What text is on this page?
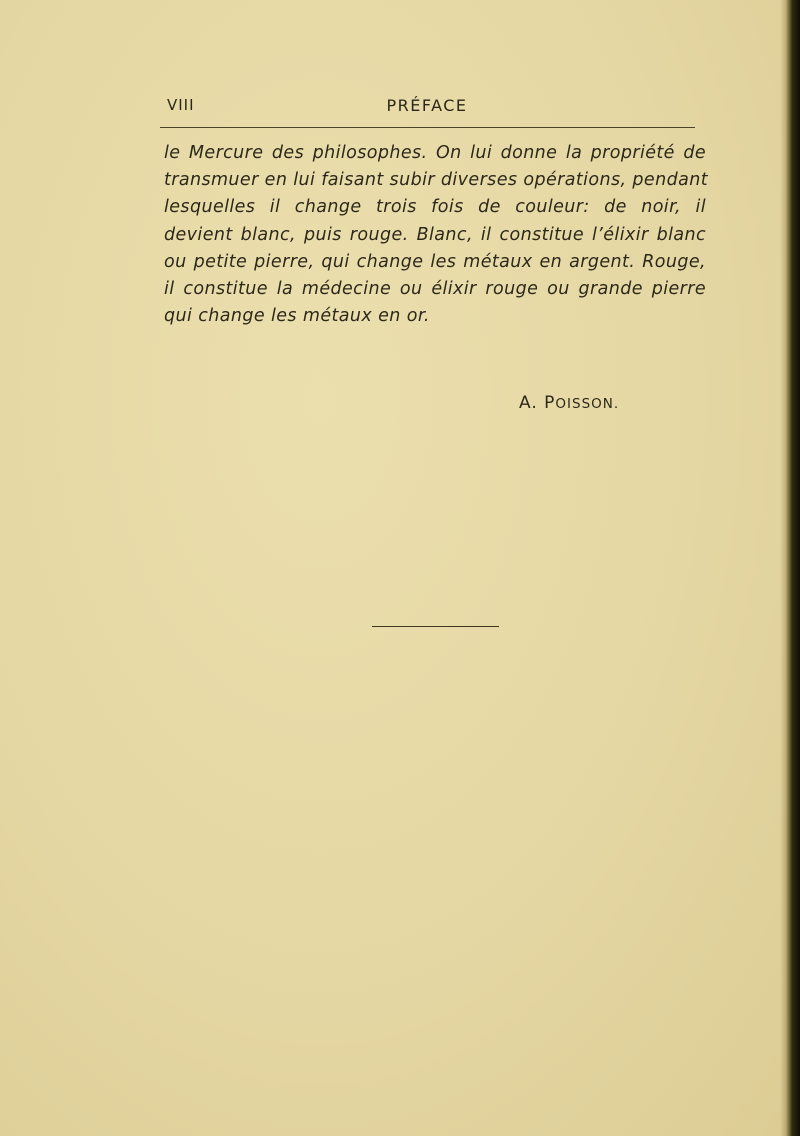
VIII	PRÉFACE

le Mercure des philosophes. On lui donne la propriété de
transmuer en lui faisant subir diverses opérations, pendant
lesquelles il change trois fois de couleur: de noir, il
devient blanc, puis rouge. Blanc, il constitue l’élixir blanc
ou petite pierre, qui change les métaux en argent. Rouge,
il constitue la médecine ou élixir rouge ou grande pierre
qui change les métaux en or.

A. POISSON.
